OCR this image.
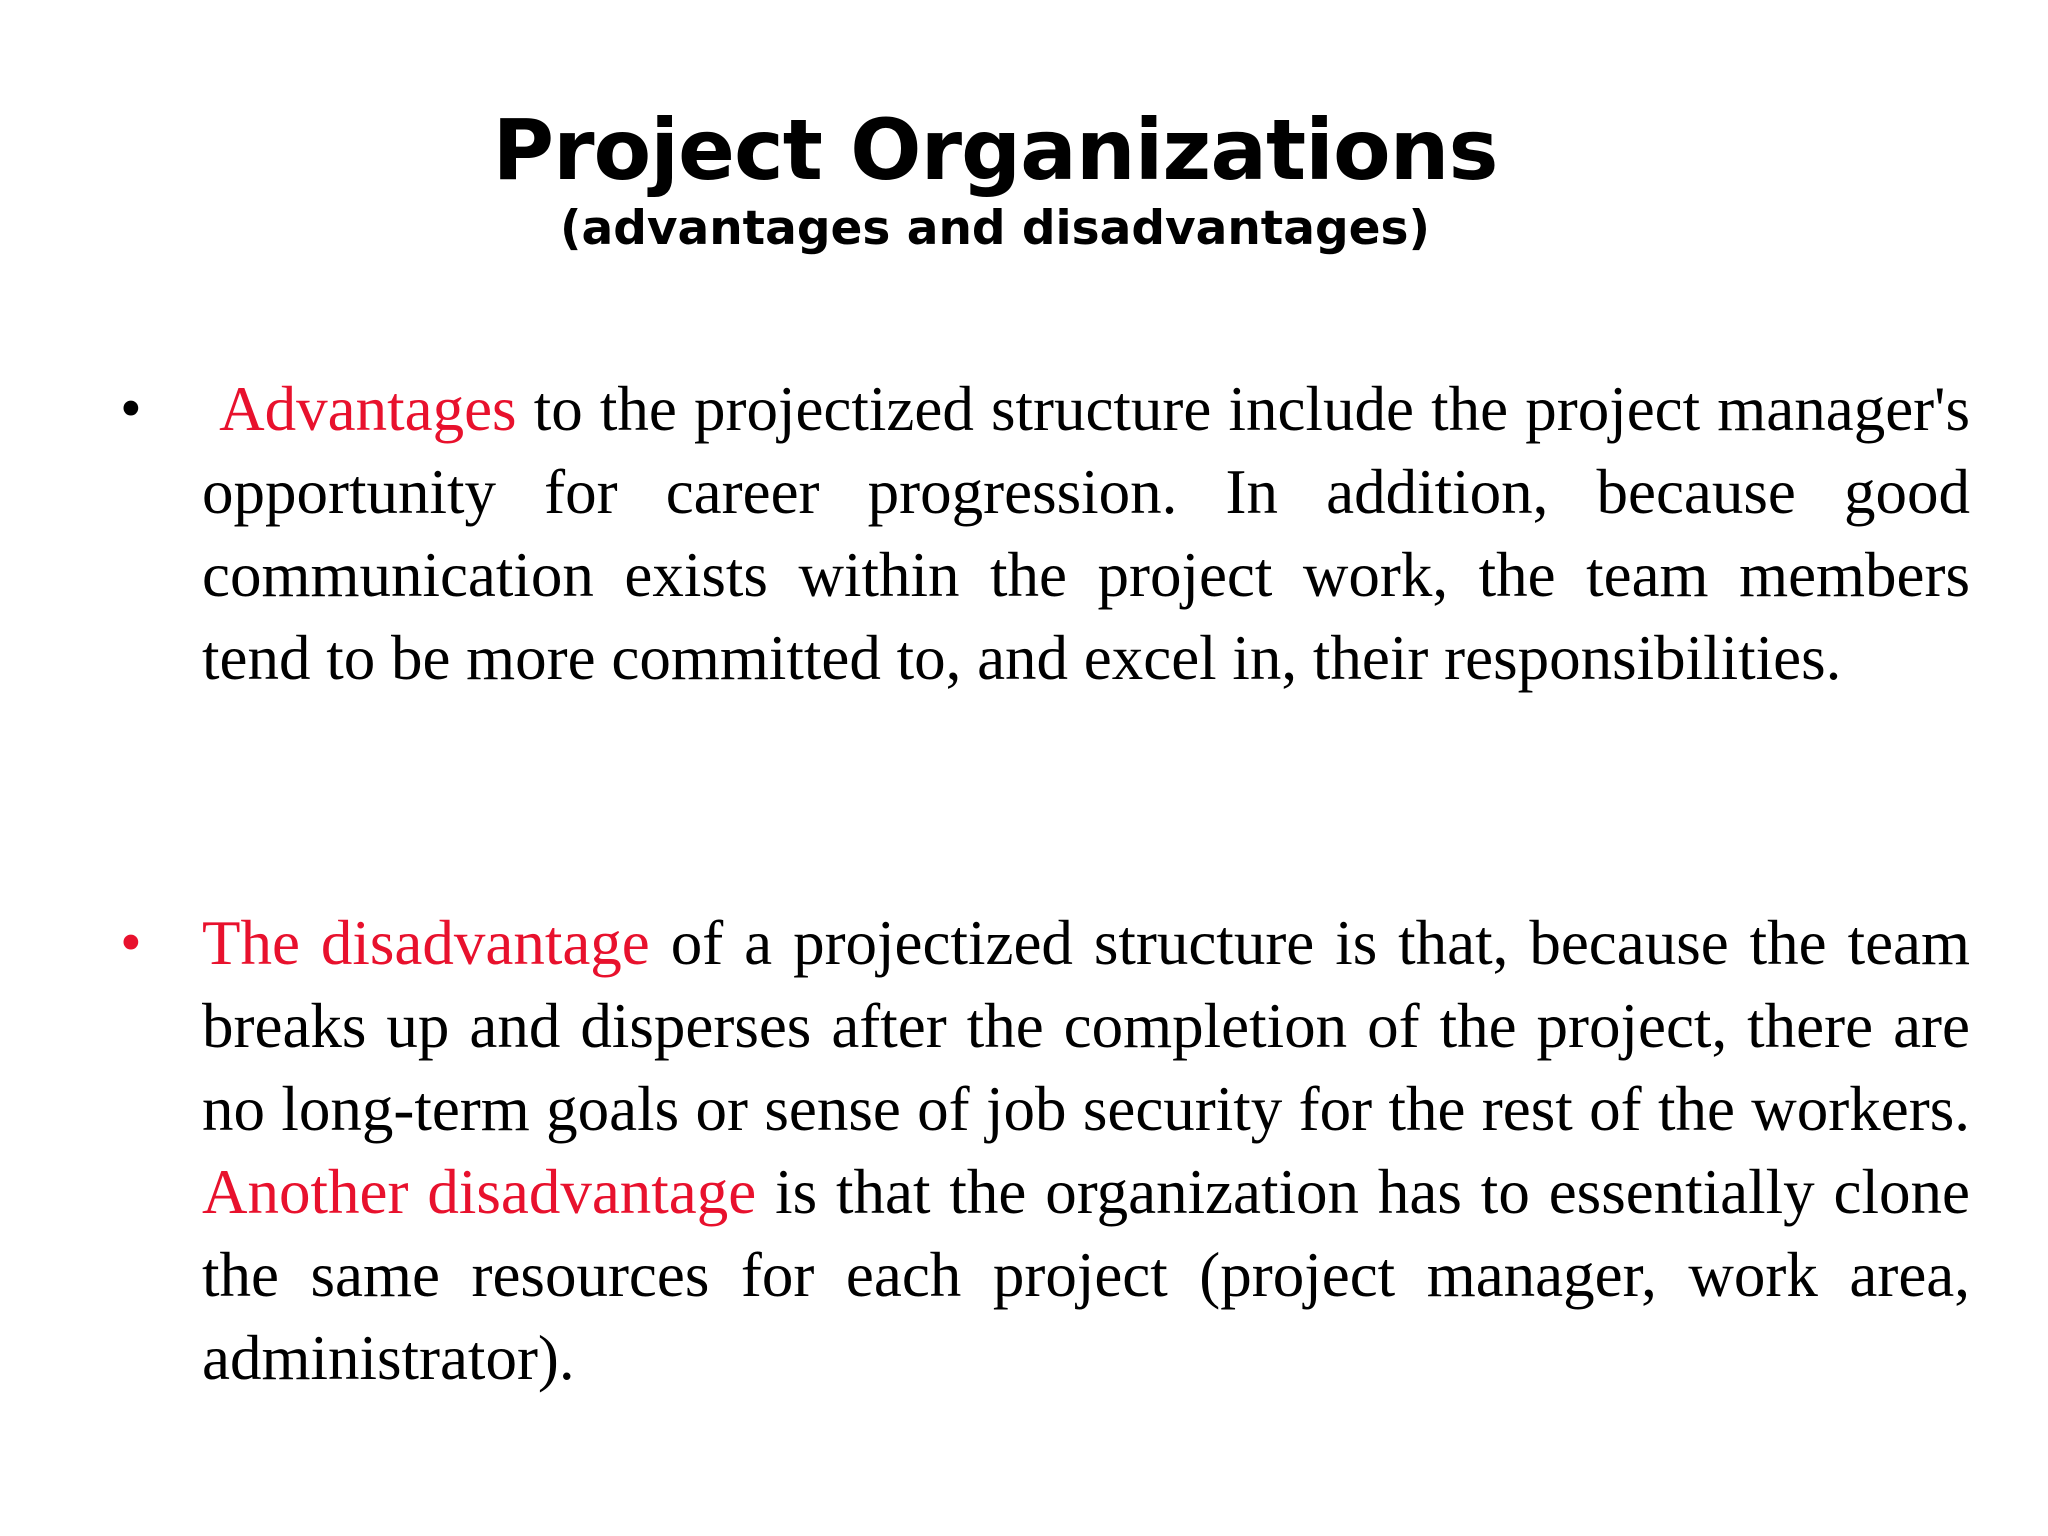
Project Organizations
(advantages and disadvantages)
•	Advantages to the projectized structure include the project manager's opportunity for career progression. In addition, because good communication exists within the project work, the team members tend to be more committed to, and excel in, their responsibilities.
• The disadvantage of a projectized structure is that, because the team breaks up and disperses after the completion of the project, there are no long-term goals or sense of job security for the rest of the workers. Another disadvantage is that the organization has to essentially clone the same resources for each project (project manager, work area, administrator).
